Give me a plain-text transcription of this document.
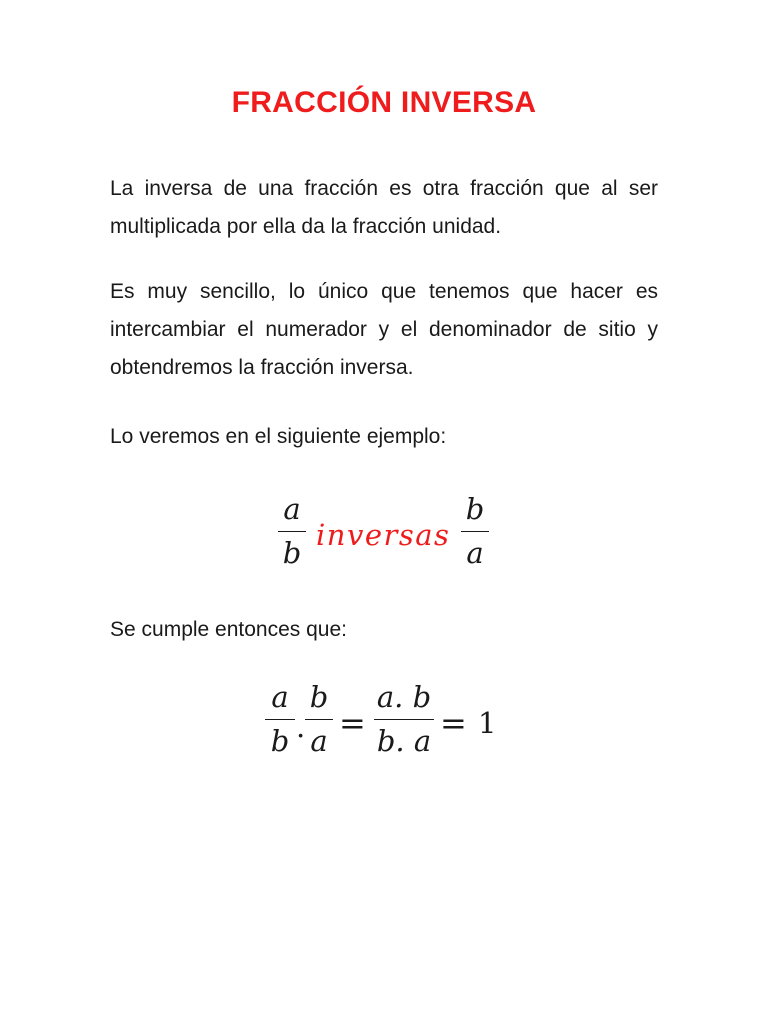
FRACCIÓN INVERSA
La inversa de una fracción es otra fracción que al ser multiplicada por ella da la fracción unidad.
Es muy sencillo, lo único que tenemos que hacer es intercambiar el numerador y el denominador de sitio y obtendremos la fracción inversa.
Lo veremos en el siguiente ejemplo:
a
b
inversas
b
a
Se cumple entonces que:
a
b .
b
a =
a. b
b. a = 1
